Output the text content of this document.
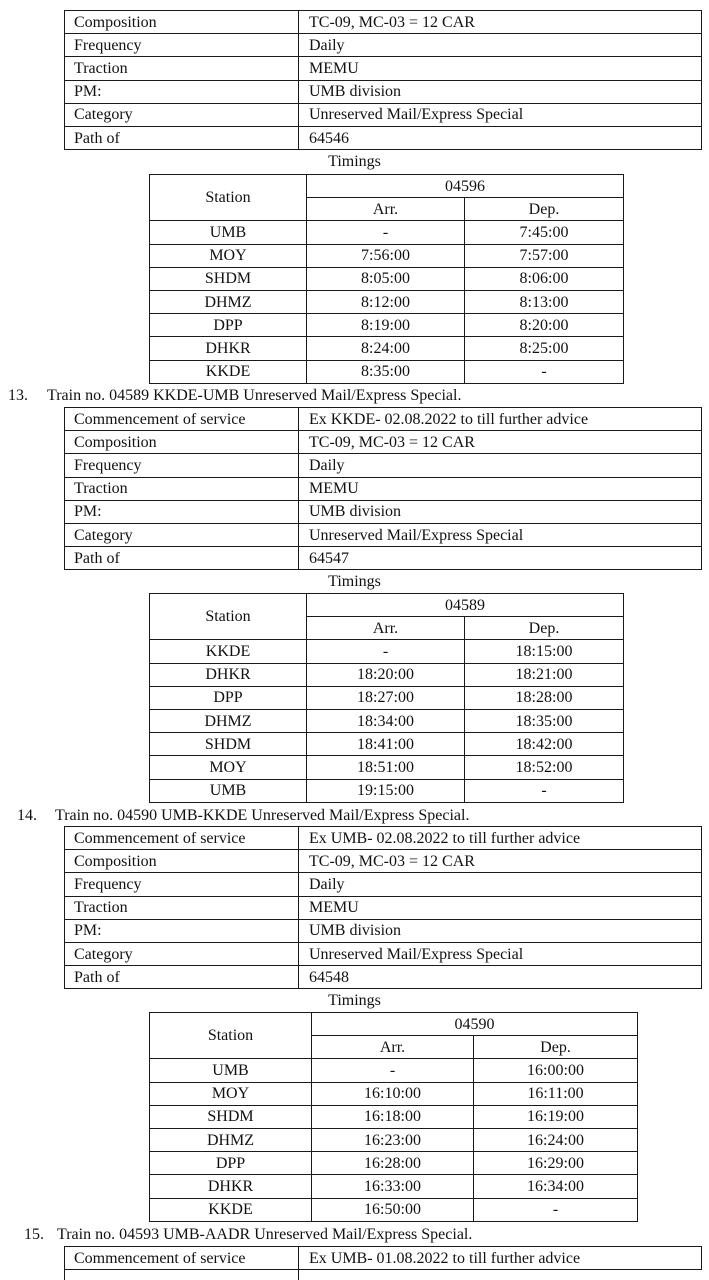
Composition	TC-09, MC-03 = 12 CAR
Frequency	Daily
Traction	MEMU
PM:	UMB division
Category	Unreserved Mail/Express Special
Path of	64546
Timings
Station	04596	
	Arr.	Dep.
UMB	-	7:45:00
MOY	7:56:00	7:57:00
SHDM	8:05:00	8:06:00
DHMZ	8:12:00	8:13:00
DPP	8:19:00	8:20:00
DHKR	8:24:00	8:25:00
KKDE	8:35:00	-
13. Train no. 04589 KKDE-UMB Unreserved Mail/Express Special.
Commencement of service	Ex KKDE- 02.08.2022 to till further advice
Composition	TC-09, MC-03 = 12 CAR
Frequency	Daily
Traction	MEMU
PM:	UMB division
Category	Unreserved Mail/Express Special
Path of	64547
Timings
Station	04589	
	Arr.	Dep.
KKDE	-	18:15:00
DHKR	18:20:00	18:21:00
DPP	18:27:00	18:28:00
DHMZ	18:34:00	18:35:00
SHDM	18:41:00	18:42:00
MOY	18:51:00	18:52:00
UMB	19:15:00	-
14. Train no. 04590 UMB-KKDE Unreserved Mail/Express Special.
Commencement of service	Ex UMB- 02.08.2022 to till further advice
Composition	TC-09, MC-03 = 12 CAR
Frequency	Daily
Traction	MEMU
PM:	UMB division
Category	Unreserved Mail/Express Special
Path of	64548
Timings
Station	04590	
	Arr.	Dep.
UMB	-	16:00:00
MOY	16:10:00	16:11:00
SHDM	16:18:00	16:19:00
DHMZ	16:23:00	16:24:00
DPP	16:28:00	16:29:00
DHKR	16:33:00	16:34:00
KKDE	16:50:00	-
15. Train no. 04593 UMB-AADR Unreserved Mail/Express Special.
Commencement of service	Ex UMB- 01.08.2022 to till further advice
